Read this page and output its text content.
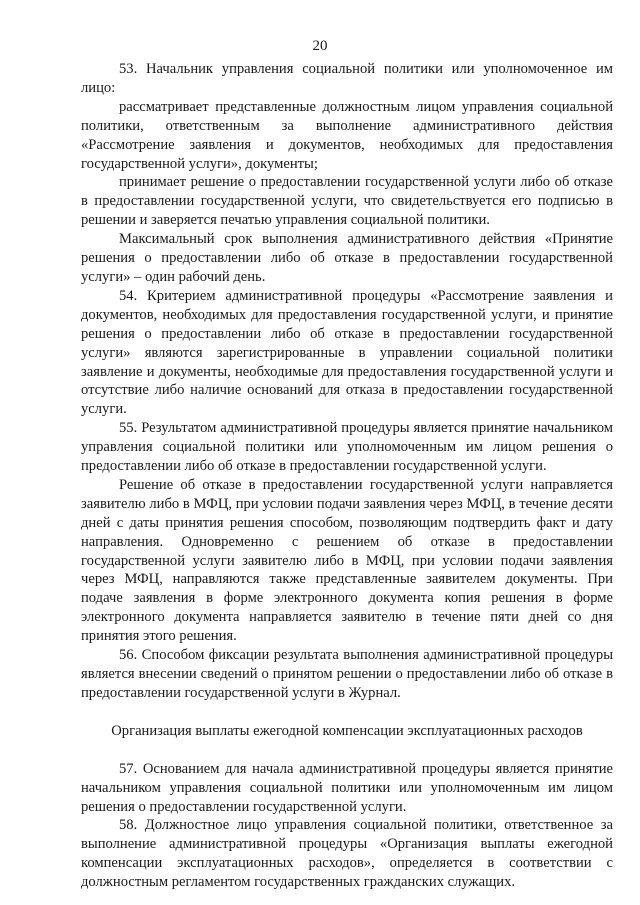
20

53. Начальник управления социальной политики или уполномоченное им лицо:

рассматривает представленные должностным лицом управления социальной политики, ответственным за выполнение административного действия «Рассмотрение заявления и документов, необходимых для предоставления государственной услуги», документы;

принимает решение о предоставлении государственной услуги либо об отказе в предоставлении государственной услуги, что свидетельствуется его подписью в решении и заверяется печатью управления социальной политики.

Максимальный срок выполнения административного действия «Принятие решения о предоставлении либо об отказе в предоставлении государственной услуги» – один рабочий день.

54. Критерием административной процедуры «Рассмотрение заявления и документов, необходимых для предоставления государственной услуги, и принятие решения о предоставлении либо об отказе в предоставлении государственной услуги» являются зарегистрированные в управлении социальной политики заявление и документы, необходимые для предоставления государственной услуги и отсутствие либо наличие оснований для отказа в предоставлении государственной услуги.

55. Результатом административной процедуры является принятие начальником управления социальной политики или уполномоченным им лицом решения о предоставлении либо об отказе в предоставлении государственной услуги.

Решение об отказе в предоставлении государственной услуги направляется заявителю либо в МФЦ, при условии подачи заявления через МФЦ, в течение десяти дней с даты принятия решения способом, позволяющим подтвердить факт и дату направления. Одновременно с решением об отказе в предоставлении государственной услуги заявителю либо в МФЦ, при условии подачи заявления через МФЦ, направляются также представленные заявителем документы. При подаче заявления в форме электронного документа копия решения в форме электронного документа направляется заявителю в течение пяти дней со дня принятия этого решения.

56. Способом фиксации результата выполнения административной процедуры является внесении сведений о принятом решении о предоставлении либо об отказе в предоставлении государственной услуги в Журнал.

Организация выплаты ежегодной компенсации эксплуатационных расходов

57. Основанием для начала административной процедуры является принятие начальником управления социальной политики или уполномоченным им лицом решения о предоставлении государственной услуги.

58. Должностное лицо управления социальной политики, ответственное за выполнение административной процедуры «Организация выплаты ежегодной компенсации эксплуатационных расходов», определяется в соответствии с должностным регламентом государственных гражданских служащих.
